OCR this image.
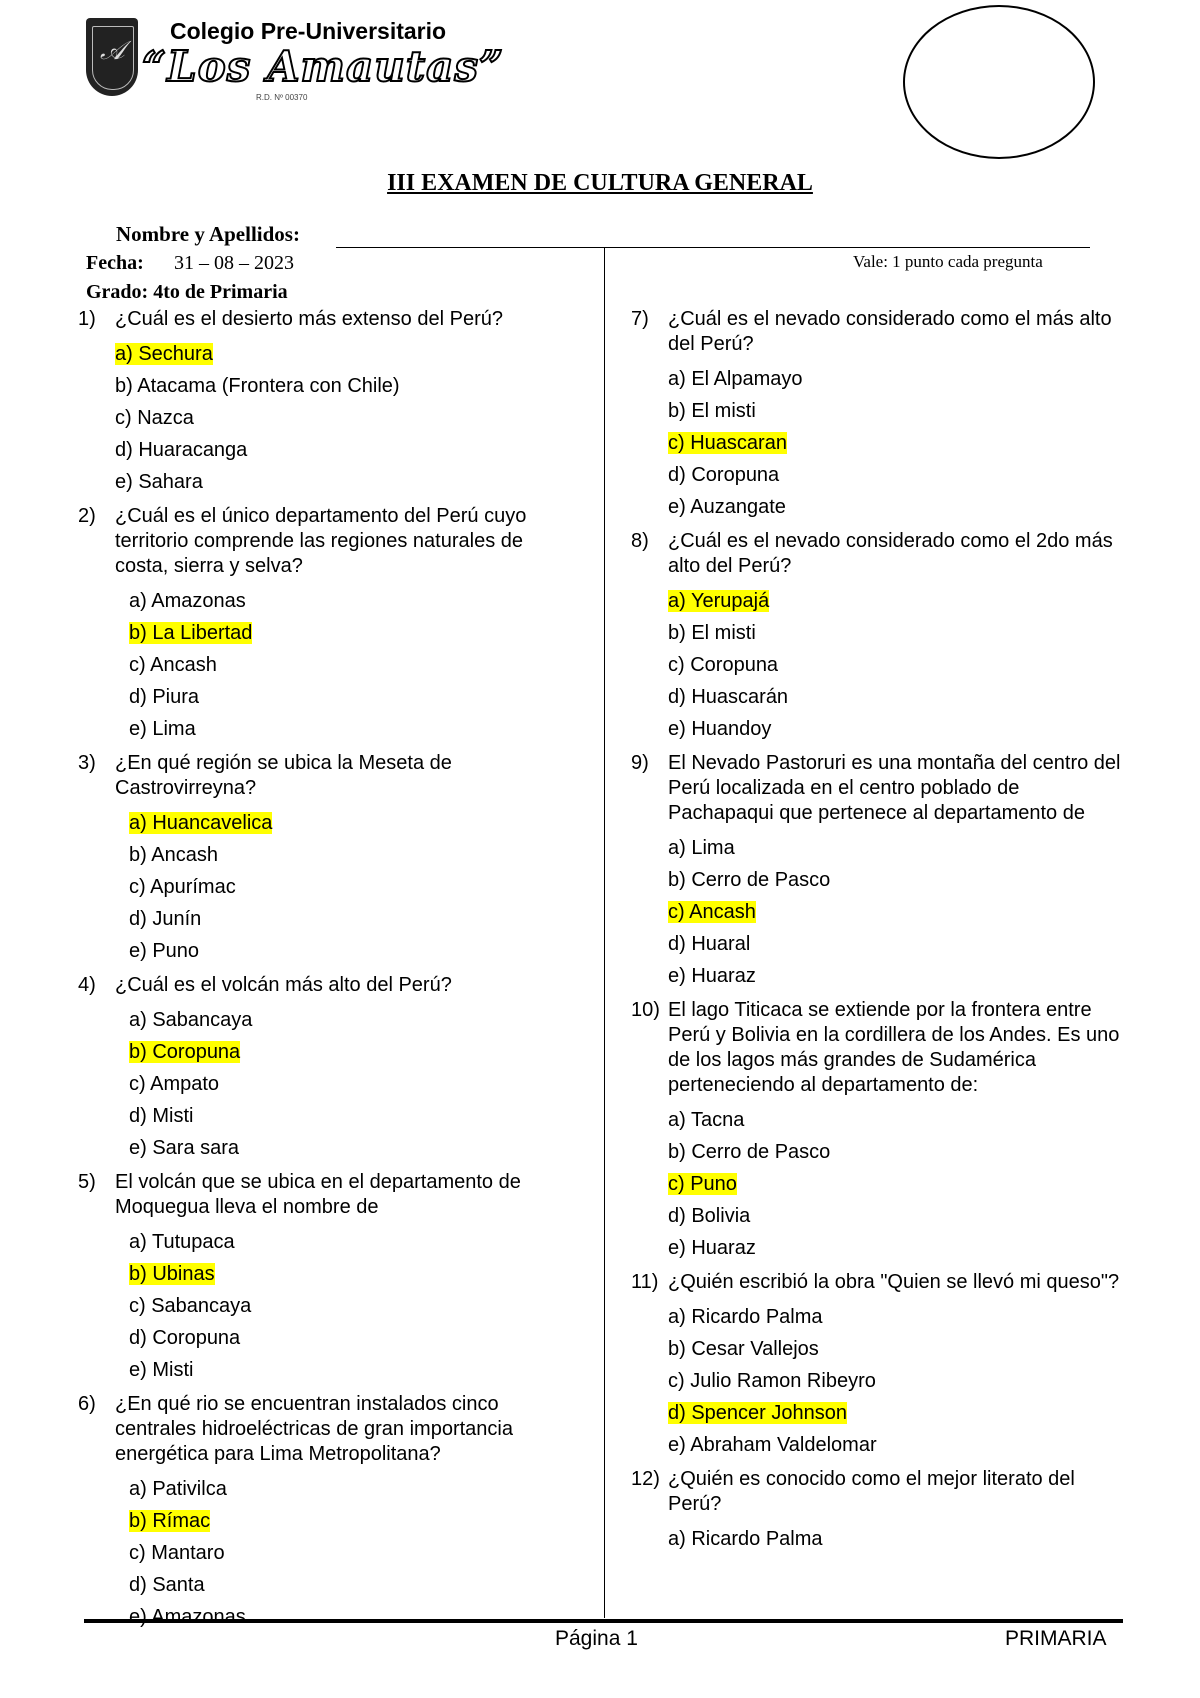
𝒜
Colegio Pre-Universitario
“Los Amautas”
R.D. Nº 00370
III EXAMEN DE CULTURA GENERAL
Nombre y Apellidos:
Fecha: 31 – 08 – 2023	Vale: 1 punto cada pregunta
Grado: 4to de Primaria
1) ¿Cuál es el desierto más extenso del Perú?
a) Sechura
b) Atacama (Frontera con Chile)
c) Nazca
d) Huaracanga
e) Sahara
2) ¿Cuál es el único departamento del Perú cuyo territorio comprende las regiones naturales de costa, sierra y selva?
a) Amazonas
b) La Libertad
c) Ancash
d) Piura
e) Lima
3) ¿En qué región se ubica la Meseta de Castrovirreyna?
a) Huancavelica
b) Ancash
c) Apurímac
d) Junín
e) Puno
4) ¿Cuál es el volcán más alto del Perú?
a) Sabancaya
b) Coropuna
c) Ampato
d) Misti
e) Sara sara
5) El volcán que se ubica en el departamento de Moquegua lleva el nombre de
a) Tutupaca
b) Ubinas
c) Sabancaya
d) Coropuna
e) Misti
6) ¿En qué rio se encuentran instalados cinco centrales hidroeléctricas de gran importancia energética para Lima Metropolitana?
a) Pativilca
b) Rímac
c) Mantaro
d) Santa
e) Amazonas
7) ¿Cuál es el nevado considerado como el más alto del Perú?
a) El Alpamayo
b) El misti
c) Huascaran
d) Coropuna
e) Auzangate
8) ¿Cuál es el nevado considerado como el 2do más alto del Perú?
a) Yerupajá
b) El misti
c) Coropuna
d) Huascarán
e) Huandoy
9) El Nevado Pastoruri es una montaña del centro del Perú localizada en el centro poblado de Pachapaqui que pertenece al departamento de
a) Lima
b) Cerro de Pasco
c) Ancash
d) Huaral
e) Huaraz
10) El lago Titicaca se extiende por la frontera entre Perú y Bolivia en la cordillera de los Andes. Es uno de los lagos más grandes de Sudamérica perteneciendo al departamento de:
a) Tacna
b) Cerro de Pasco
c) Puno
d) Bolivia
e) Huaraz
11) ¿Quién escribió la obra "Quien se llevó mi queso"?
a) Ricardo Palma
b) Cesar Vallejos
c) Julio Ramon Ribeyro
d) Spencer Johnson
e) Abraham Valdelomar
12) ¿Quién es conocido como el mejor literato del Perú?
a) Ricardo Palma
Página 1	PRIMARIA
